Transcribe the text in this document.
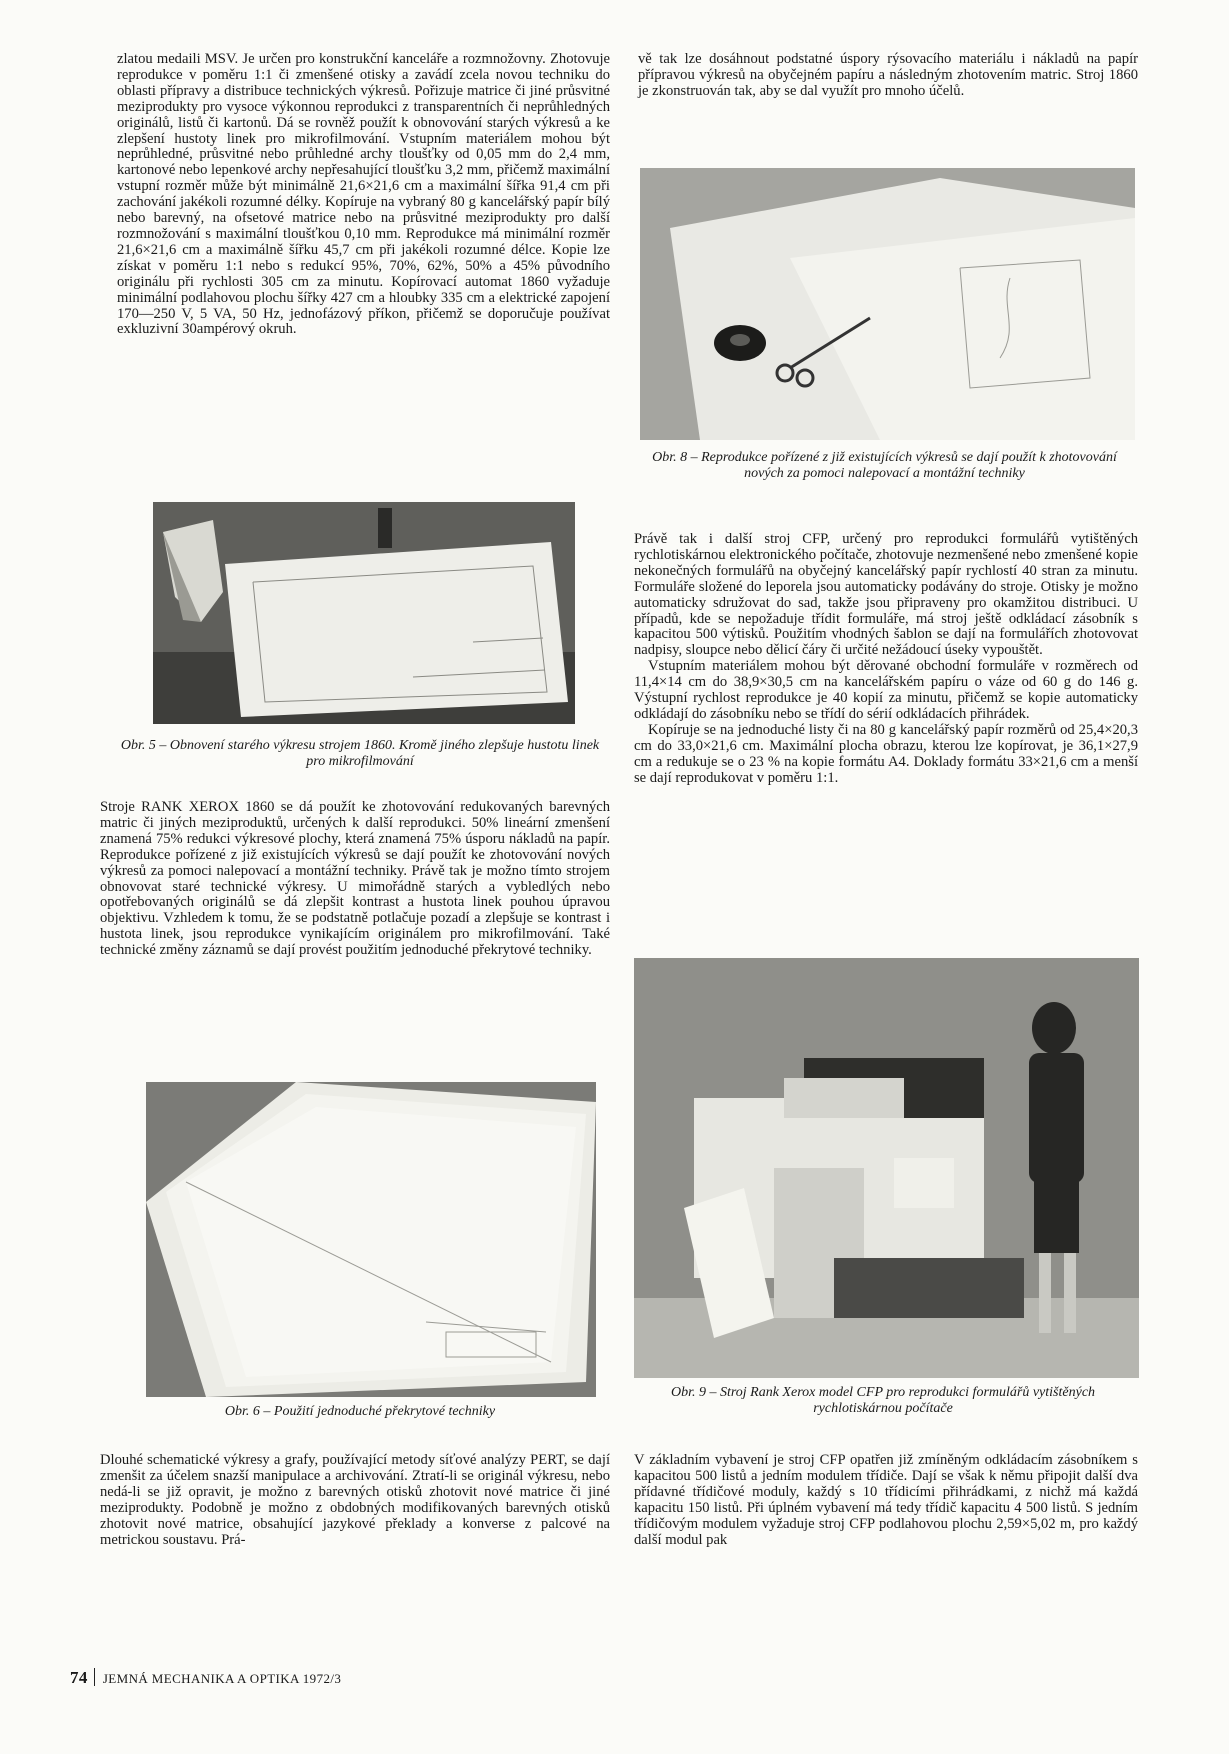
zlatou medaili MSV. Je určen pro konstrukční kanceláře a rozmnožovny. Zhotovuje reprodukce v poměru 1:1 či zmenšené otisky a zavádí zcela novou techniku do oblasti přípravy a distribuce technických výkresů. Pořizuje matrice či jiné průsvitné meziprodukty pro vysoce výkonnou reprodukci z transparentních či neprůhledných originálů, listů či kartonů. Dá se rovněž použít k obnovování starých výkresů a ke zlepšení hustoty linek pro mikrofilmování. Vstupním materiálem mohou být neprůhledné, průsvitné nebo průhledné archy tloušťky od 0,05 mm do 2,4 mm, kartonové nebo lepenkové archy nepřesahující tloušťku 3,2 mm, přičemž maximální vstupní rozměr může být minimálně 21,6×21,6 cm a maximální šířka 91,4 cm při zachování jakékoli rozumné délky. Kopíruje na vybraný 80 g kancelářský papír bílý nebo barevný, na ofsetové matrice nebo na průsvitné meziprodukty pro další rozmnožování s maximální tloušťkou 0,10 mm. Reprodukce má minimální rozměr 21,6×21,6 cm a maximálně šířku 45,7 cm při jakékoli rozumné délce. Kopie lze získat v poměru 1:1 nebo s redukcí 95%, 70%, 62%, 50% a 45% původního originálu při rychlosti 305 cm za minutu. Kopírovací automat 1860 vyžaduje minimální podlahovou plochu šířky 427 cm a hloubky 335 cm a elektrické zapojení 170—250 V, 5 VA, 50 Hz, jednofázový příkon, přičemž se doporučuje používat exkluzivní 30ampérový okruh.

Obr. 5 – Obnovení starého výkresu strojem 1860. Kromě jiného zlepšuje hustotu linek pro mikrofilmování

Stroje RANK XEROX 1860 se dá použít ke zhotovování redukovaných barevných matric či jiných meziproduktů, určených k další reprodukci. 50% lineární zmenšení znamená 75% redukci výkresové plochy, která znamená 75% úsporu nákladů na papír. Reprodukce pořízené z již existujících výkresů se dají použít ke zhotovování nových výkresů za pomoci nalepovací a montážní techniky. Právě tak je možno tímto strojem obnovovat staré technické výkresy. U mimořádně starých a vybledlých nebo opotřebovaných originálů se dá zlepšit kontrast a hustota linek pouhou úpravou objektivu. Vzhledem k tomu, že se podstatně potlačuje pozadí a zlepšuje se kontrast i hustota linek, jsou reprodukce vynikajícím originálem pro mikrofilmování. Také technické změny záznamů se dají provést použitím jednoduché překrytové techniky.

Obr. 6 – Použití jednoduché překrytové techniky

Dlouhé schematické výkresy a grafy, používající metody síťové analýzy PERT, se dají zmenšit za účelem snazší manipulace a archivování. Ztratí-li se originál výkresu, nebo nedá-li se již opravit, je možno z barevných otisků zhotovit nové matrice či jiné meziprodukty. Podobně je možno z obdobných modifikovaných barevných otisků zhotovit nové matrice, obsahující jazykové překlady a konverse z palcové na metrickou soustavu. Prá-

vě tak lze dosáhnout podstatné úspory rýsovacího materiálu i nákladů na papír přípravou výkresů na obyčejném papíru a následným zhotovením matric. Stroj 1860 je zkonstruován tak, aby se dal využít pro mnoho účelů.

Obr. 8 – Reprodukce pořízené z již existujících výkresů se dají použít k zhotovování nových za pomoci nalepovací a montážní techniky

Právě tak i další stroj CFP, určený pro reprodukci formulářů vytištěných rychlotiskárnou elektronického počítače, zhotovuje nezmenšené nebo zmenšené kopie nekonečných formulářů na obyčejný kancelářský papír rychlostí 40 stran za minutu. Formuláře složené do leporela jsou automaticky podávány do stroje. Otisky je možno automaticky sdružovat do sad, takže jsou připraveny pro okamžitou distribuci. U případů, kde se nepožaduje třídit formuláře, má stroj ještě odkládací zásobník s kapacitou 500 výtisků. Použitím vhodných šablon se dají na formulářích zhotovovat nadpisy, sloupce nebo dělicí čáry či určité nežádoucí úseky vypouštět.

Vstupním materiálem mohou být děrované obchodní formuláře v rozměrech od 11,4×14 cm do 38,9×30,5 cm na kancelářském papíru o váze od 60 g do 146 g. Výstupní rychlost reprodukce je 40 kopií za minutu, přičemž se kopie automaticky odkládají do zásobníku nebo se třídí do sérií odkládacích přihrádek.

Kopíruje se na jednoduché listy či na 80 g kancelářský papír rozměrů od 25,4×20,3 cm do 33,0×21,6 cm. Maximální plocha obrazu, kterou lze kopírovat, je 36,1×27,9 cm a redukuje se o 23 % na kopie formátu A4. Doklady formátu 33×21,6 cm a menší se dají reprodukovat v poměru 1:1.

Obr. 9 – Stroj Rank Xerox model CFP pro reprodukci formulářů vytištěných rychlotiskárnou počítače

V základním vybavení je stroj CFP opatřen již zmíněným odkládacím zásobníkem s kapacitou 500 listů a jedním modulem třídiče. Dají se však k němu připojit další dva přídavné třídičové moduly, každý s 10 třídicími přihrádkami, z nichž má každá kapacitu 150 listů. Při úplném vybavení má tedy třídič kapacitu 4 500 listů. S jedním třídičovým modulem vyžaduje stroj CFP podlahovou plochu 2,59×5,02 m, pro každý další modul pak

74 JEMNÁ MECHANIKA A OPTIKA 1972/3
